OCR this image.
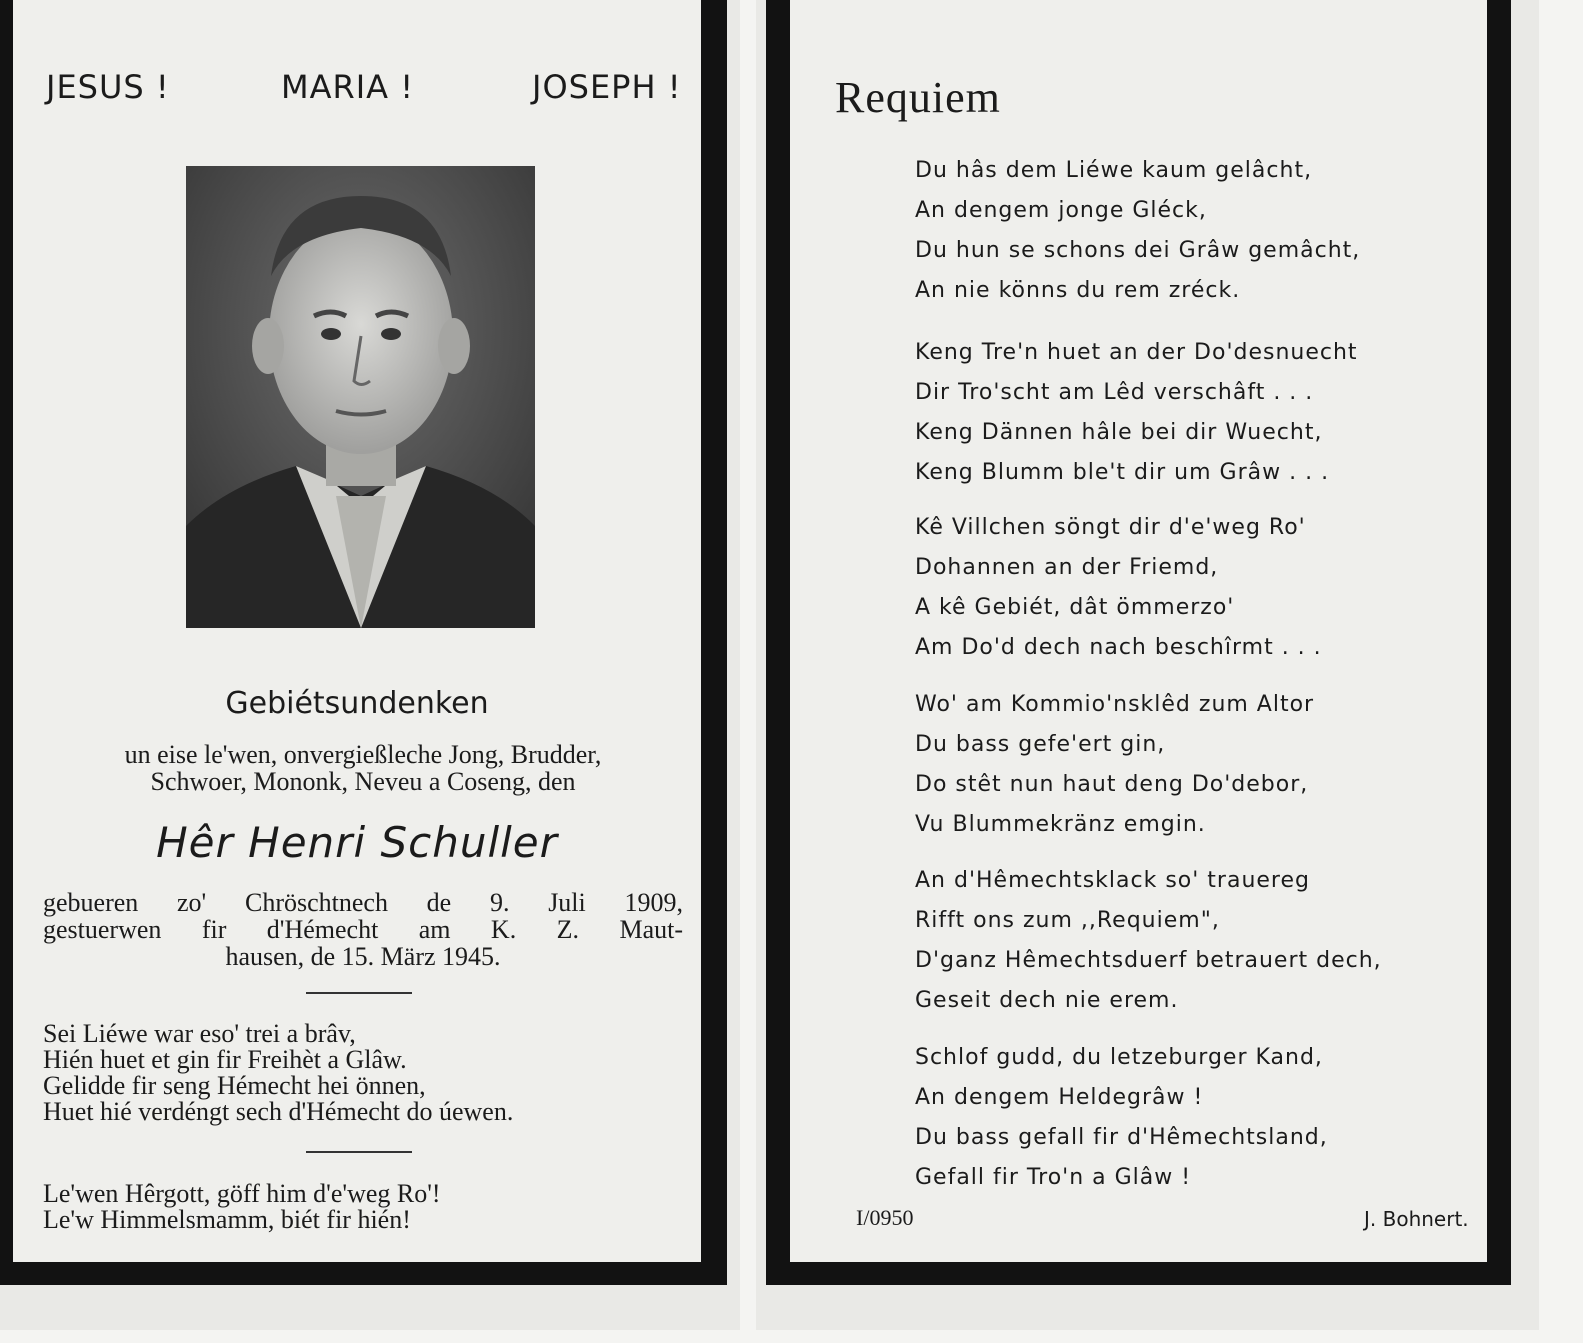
JESUS !	MARIA !	JOSEPH !
Gebiétsundenken
un eise le'wen, onvergießleche Jong, Brudder,
Schwoer, Mononk, Neveu a Coseng, den
Hêr Henri Schuller
gebueren zo' Chröschtnech de 9. Juli 1909,
gestuerwen fir d'Hémecht am K. Z. Maut-
hausen, de 15. März 1945.
Sei Liéwe war eso' trei a brâv,
Hién huet et gin fir Freihèt a Glâw.
Gelidde fir seng Hémecht hei önnen,
Huet hié verdéngt sech d'Hémecht do úewen.
Le'wen Hêrgott, göff him d'e'weg Ro'!
Le'w Himmelsmamm, biét fir hién!
Requiem
Du hâs dem Liéwe kaum gelâcht,
An dengem jonge Gléck,
Du hun se schons dei Grâw gemâcht,
An nie könns du rem zréck.
Keng Tre'n huet an der Do'desnuecht
Dir Tro'scht am Lêd verschâft . . .
Keng Dännen hâle bei dir Wuecht,
Keng Blumm ble't dir um Grâw . . .
Kê Villchen söngt dir d'e'weg Ro'
Dohannen an der Friemd,
A kê Gebiét, dât ömmerzo'
Am Do'd dech nach beschîrmt . . .
Wo' am Kommio'nsklêd zum Altor
Du bass gefe'ert gin,
Do stêt nun haut deng Do'debor,
Vu Blummekränz emgin.
An d'Hêmechtsklack so' trauereg
Rifft ons zum ,,Requiem",
D'ganz Hêmechtsduerf betrauert dech,
Geseit dech nie erem.
Schlof gudd, du letzeburger Kand,
An dengem Heldegrâw !
Du bass gefall fir d'Hêmechtsland,
Gefall fir Tro'n a Glâw !
I/0950	J. Bohnert.
